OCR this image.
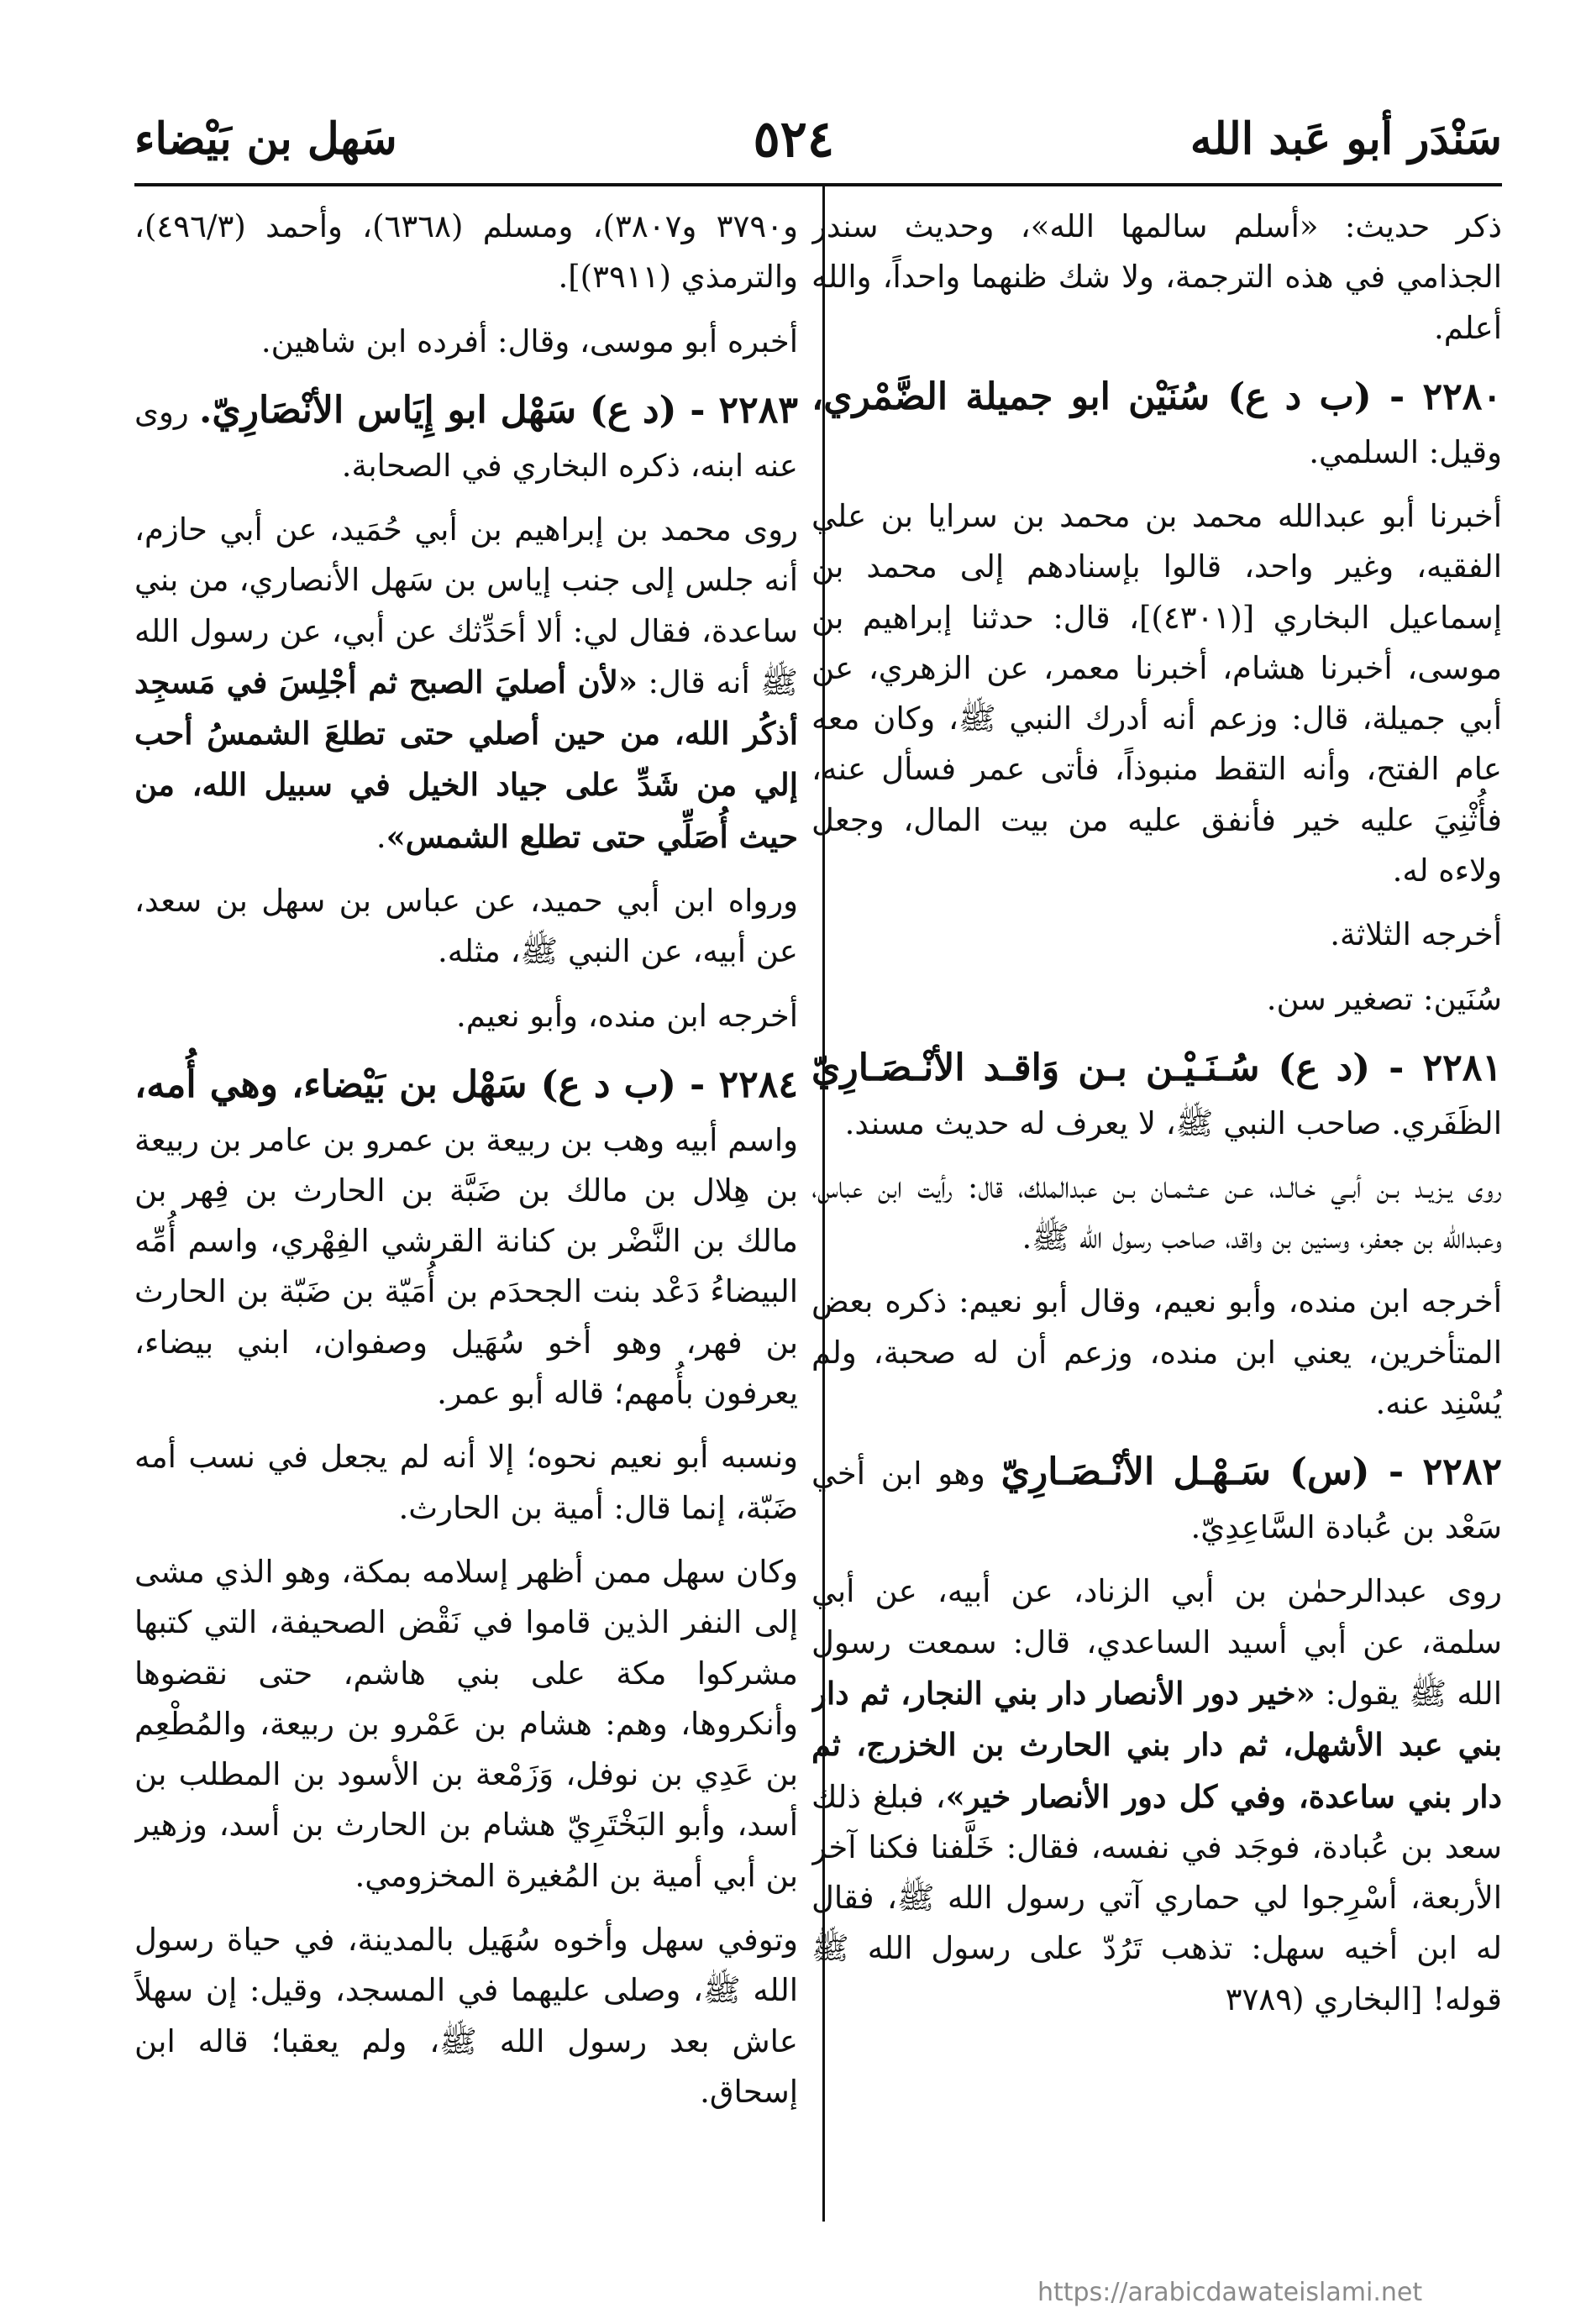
سَنْدَر أبو عَبد الله
٥٢٤
سَهل بن بَيْضاء

ذكر حديث: «أسلم سالمها الله»، وحديث سندر الجذامي في هذه الترجمة، ولا شك ظنهما واحداً، والله أعلم.

٢٢٨٠ - (ب د ع) سُنَيْن ابو جميلة الضَّمْري، وقيل: السلمي.

أخبرنا أبو عبدالله محمد بن محمد بن سرايا بن علي الفقيه، وغير واحد، قالوا بإسنادهم إلى محمد بن إسماعيل البخاري [(٤٣٠١)]، قال: حدثنا إبراهيم بن موسى، أخبرنا هشام، أخبرنا معمر، عن الزهري، عن أبي جميلة، قال: وزعم أنه أدرك النبي ﷺ، وكان معه عام الفتح، وأنه التقط منبوذاً، فأتى عمر فسأل عنه، فأُثْنِيَ عليه خير فأنفق عليه من بيت المال، وجعل ولاءه له.

أخرجه الثلاثة.

سُنَين: تصغير سن.

٢٢٨١ - (د ع) سُـنَـيْـن بـن وَاقـد الأنْـصَـارِيّ الظَفَري. صاحب النبي ﷺ، لا يعرف له حديث مسند.

روى يـزيـد بـن أبـي خـالـد، عـن عـثـمـان بـن عبدالملك، قال: رأيت ابن عباس، وعبدالله بن جعفر، وسنين بن واقد، صاحب رسول الله ﷺ.

أخرجه ابن منده، وأبو نعيم، وقال أبو نعيم: ذكره بعض المتأخرين، يعني ابن منده، وزعم أن له صحبة، ولم يُسْنِد عنه.

٢٢٨٢ - (س) سَـهْـل الأنْـصَـارِيّ وهو ابن أخي سَعْد بن عُبادة السَّاعِدِيّ.

روى عبدالرحمٰن بن أبي الزناد، عن أبيه، عن أبي سلمة، عن أبي أسيد الساعدي، قال: سمعت رسول الله ﷺ يقول: «خير دور الأنصار دار بني النجار، ثم دار بني عبد الأشهل، ثم دار بني الحارث بن الخزرج، ثم دار بني ساعدة، وفي كل دور الأنصار خير»، فبلغ ذلك سعد بن عُبادة، فوجَد في نفسه، فقال: خَلَّفنا فكنا آخر الأربعة، أسْرِجوا لي حماري آتي رسول الله ﷺ، فقال له ابن أخيه سهل: تذهب تَرُدّ على رسول الله ﷺ قوله! [البخاري (٣٧٨٩

و٣٧٩٠ و٣٨٠٧)، ومسلم (٦٣٦٨)، وأحمد (٤٩٦/٣)، والترمذي (٣٩١١)].

أخبره أبو موسى، وقال: أفرده ابن شاهين.

٢٢٨٣ - (د ع) سَهْل ابو إِيَاس الأنْصَارِيّ. روى عنه ابنه، ذكره البخاري في الصحابة.

روى محمد بن إبراهيم بن أبي حُمَيد، عن أبي حازم، أنه جلس إلى جنب إياس بن سَهل الأنصاري، من بني ساعدة، فقال لي: ألا أحَدِّثك عن أبي، عن رسول الله ﷺ أنه قال: «لأن أصليَ الصبح ثم أجْلِسَ في مَسجِد أذكُر الله، من حين أصلي حتى تطلعَ الشمسُ أحب إلي من شَدِّ على جياد الخيل في سبيل الله، من حيث أُصَلِّي حتى تطلع الشمس».

ورواه ابن أبي حميد، عن عباس بن سهل بن سعد، عن أبيه، عن النبي ﷺ، مثله.

أخرجه ابن منده، وأبو نعيم.

٢٢٨٤ - (ب د ع) سَهْل بن بَيْضاء، وهي أُمه، واسم أبيه وهب بن ربيعة بن عمرو بن عامر بن ربيعة بن هِلال بن مالك بن ضَبَّة بن الحارث بن فِهر بن مالك بن النَّضْر بن كنانة القرشي الفِهْري، واسم أُمِّه البيضاءُ دَعْد بنت الجحدَم بن أُمَيّة بن ضَبّة بن الحارث بن فهر، وهو أخو سُهَيل وصفوان، ابني بيضاء، يعرفون بأُمهم؛ قاله أبو عمر.

ونسبه أبو نعيم نحوه؛ إلا أنه لم يجعل في نسب أمه ضَبّة، إنما قال: أمية بن الحارث.

وكان سهل ممن أظهر إسلامه بمكة، وهو الذي مشى إلى النفر الذين قاموا في نَقْض الصحيفة، التي كتبها مشركوا مكة على بني هاشم، حتى نقضوها وأنكروها، وهم: هشام بن عَمْرو بن ربيعة، والمُطْعِم بن عَدِي بن نوفل، وَزَمْعة بن الأسود بن المطلب بن أسد، وأبو البَخْتَرِيّ هشام بن الحارث بن أسد، وزهير بن أبي أمية بن المُغيرة المخزومي.

وتوفي سهل وأخوه سُهَيل بالمدينة، في حياة رسول الله ﷺ، وصلى عليهما في المسجد، وقيل: إن سهلاً عاش بعد رسول الله ﷺ، ولم يعقبا؛ قاله ابن إسحاق.

https://arabicdawateislami.net
